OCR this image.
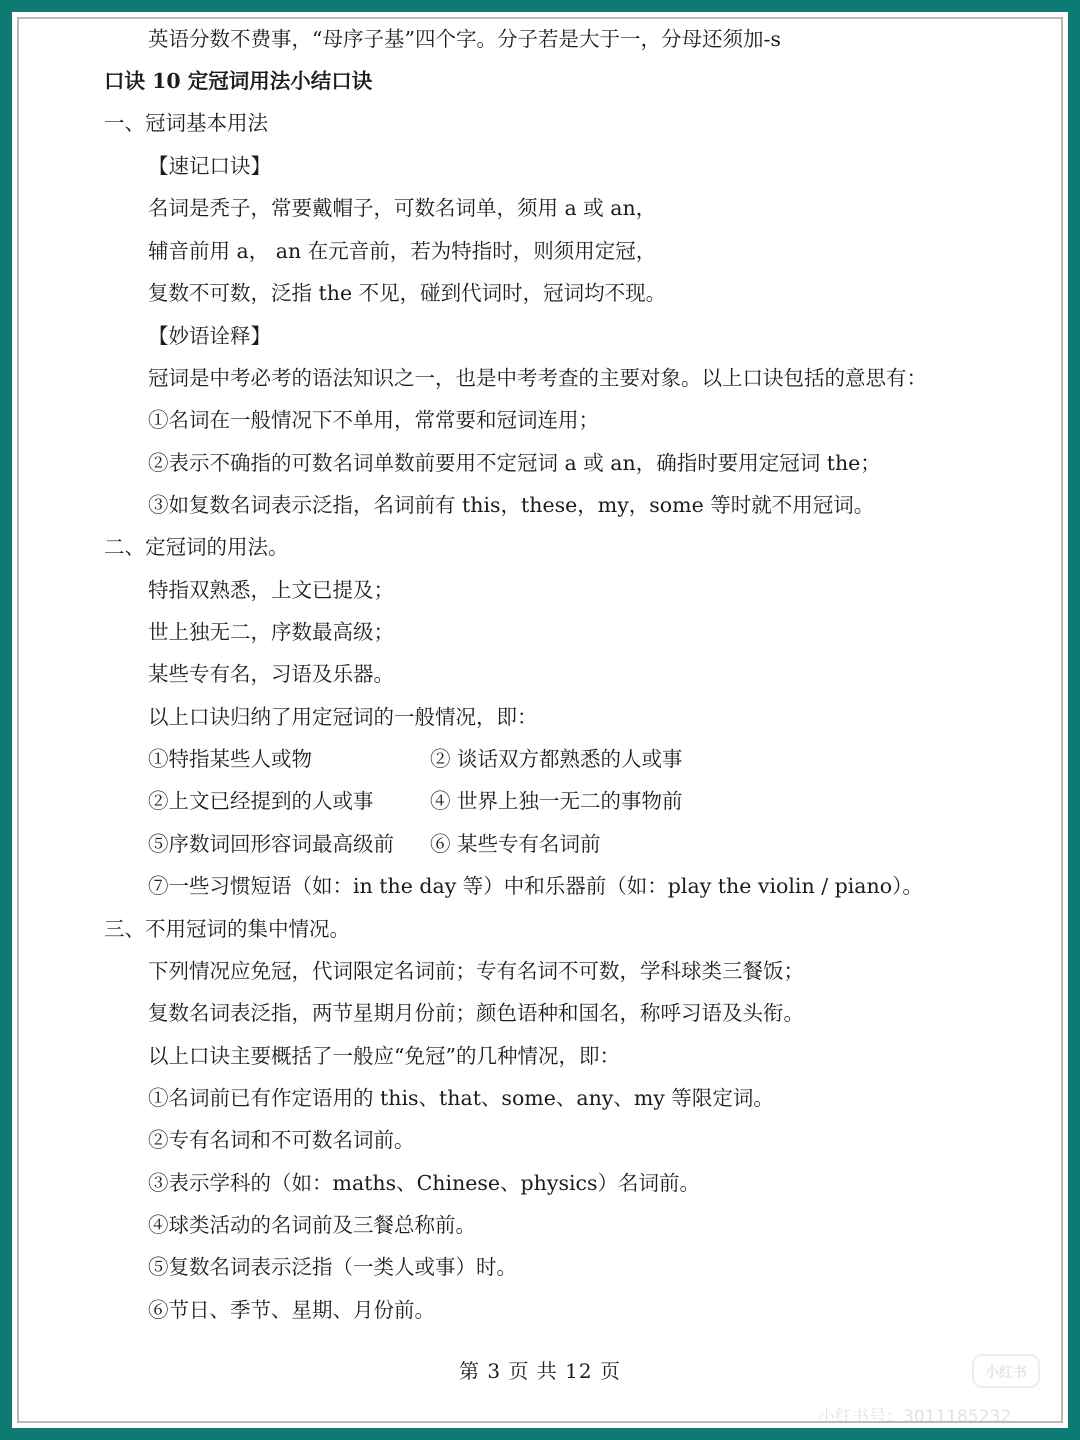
英语分数不费事，“母序子基”四个字。分子若是大于一，分母还须加-s
口诀 10 定冠词用法小结口诀
一、冠词基本用法
【速记口诀】
名词是秃子，常要戴帽子，可数名词单，须用 a 或 an，
辅音前用 a， an 在元音前，若为特指时，则须用定冠，
复数不可数，泛指 the 不见，碰到代词时，冠词均不现。
【妙语诠释】
冠词是中考必考的语法知识之一，也是中考考查的主要对象。以上口诀包括的意思有：
①名词在一般情况下不单用，常常要和冠词连用；
②表示不确指的可数名词单数前要用不定冠词 a 或 an，确指时要用定冠词 the；
③如复数名词表示泛指，名词前有 this，these，my，some 等时就不用冠词。
二、定冠词的用法。
特指双熟悉，上文已提及；
世上独无二，序数最高级；
某些专有名，习语及乐器。
以上口诀归纳了用定冠词的一般情况，即：
①特指某些人或物	② 谈话双方都熟悉的人或事
②上文已经提到的人或事	④ 世界上独一无二的事物前
⑤序数词回形容词最高级前 ⑥ 某些专有名词前
⑦一些习惯短语（如：in the day 等）中和乐器前（如：play the violin / piano）。
三、不用冠词的集中情况。
下列情况应免冠，代词限定名词前；专有名词不可数，学科球类三餐饭；
复数名词表泛指，两节星期月份前；颜色语种和国名，称呼习语及头衔。
以上口诀主要概括了一般应“免冠”的几种情况，即：
①名词前已有作定语用的 this、that、some、any、my 等限定词。
②专有名词和不可数名词前。
③表示学科的（如：maths、Chinese、physics）名词前。
④球类活动的名词前及三餐总称前。
⑤复数名词表示泛指（一类人或事）时。
⑥节日、季节、星期、月份前。
第 3 页 共 12 页	小红书
小红书号：3011185232
